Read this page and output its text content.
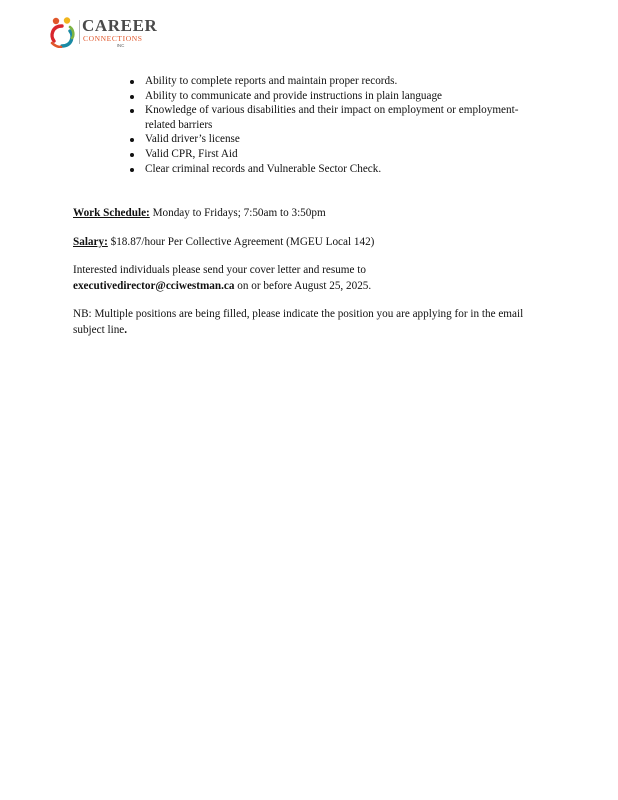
CAREER
CONNECTIONS
INC
Ability to complete reports and maintain proper records.
Ability to communicate and provide instructions in plain language
Knowledge of various disabilities and their impact on employment or employment-related barriers
Valid driver’s license
Valid CPR, First Aid
Clear criminal records and Vulnerable Sector Check.

Work Schedule: Monday to Fridays; 7:50am to 3:50pm

Salary: $18.87/hour Per Collective Agreement (MGEU Local 142)

Interested individuals please send your cover letter and resume to
executivedirector@cciwestman.ca on or before August 25, 2025.

NB: Multiple positions are being filled, please indicate the position you are applying for in the email subject line.
